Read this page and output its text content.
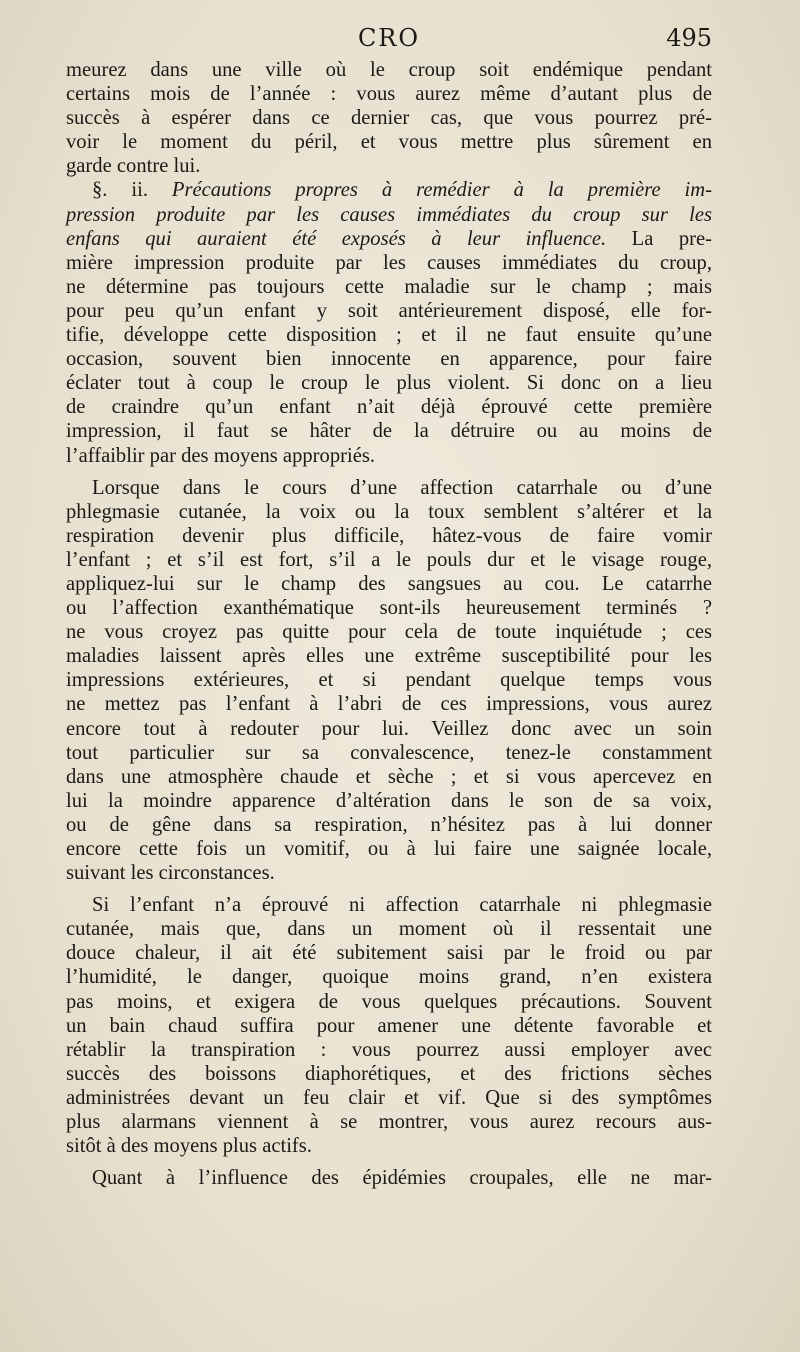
CRO	495
meurez dans une ville où le croup soit endémique pendant
certains mois de l’année : vous aurez même d’autant plus de
succès à espérer dans ce dernier cas, que vous pourrez pré-
voir le moment du péril, et vous mettre plus sûrement en
garde contre lui.
§. ii. Précautions propres à remédier à la première im-
pression produite par les causes immédiates du croup sur les
enfans qui auraient été exposés à leur influence. La pre-
mière impression produite par les causes immédiates du croup,
ne détermine pas toujours cette maladie sur le champ ; mais
pour peu qu’un enfant y soit antérieurement disposé, elle for-
tifie, développe cette disposition ; et il ne faut ensuite qu’une
occasion, souvent bien innocente en apparence, pour faire
éclater tout à coup le croup le plus violent. Si donc on a lieu
de craindre qu’un enfant n’ait déjà éprouvé cette première
impression, il faut se hâter de la détruire ou au moins de
l’affaiblir par des moyens appropriés.
Lorsque dans le cours d’une affection catarrhale ou d’une
phlegmasie cutanée, la voix ou la toux semblent s’altérer et la
respiration devenir plus difficile, hâtez-vous de faire vomir
l’enfant ; et s’il est fort, s’il a le pouls dur et le visage rouge,
appliquez-lui sur le champ des sangsues au cou. Le catarrhe
ou l’affection exanthématique sont-ils heureusement terminés ?
ne vous croyez pas quitte pour cela de toute inquiétude ; ces
maladies laissent après elles une extrême susceptibilité pour les
impressions extérieures, et si pendant quelque temps vous
ne mettez pas l’enfant à l’abri de ces impressions, vous aurez
encore tout à redouter pour lui. Veillez donc avec un soin
tout particulier sur sa convalescence, tenez-le constamment
dans une atmosphère chaude et sèche ; et si vous apercevez en
lui la moindre apparence d’altération dans le son de sa voix,
ou de gêne dans sa respiration, n’hésitez pas à lui donner
encore cette fois un vomitif, ou à lui faire une saignée locale,
suivant les circonstances.
Si l’enfant n’a éprouvé ni affection catarrhale ni phlegmasie
cutanée, mais que, dans un moment où il ressentait une
douce chaleur, il ait été subitement saisi par le froid ou par
l’humidité, le danger, quoique moins grand, n’en existera
pas moins, et exigera de vous quelques précautions. Souvent
un bain chaud suffira pour amener une détente favorable et
rétablir la transpiration : vous pourrez aussi employer avec
succès des boissons diaphorétiques, et des frictions sèches
administrées devant un feu clair et vif. Que si des symptômes
plus alarmans viennent à se montrer, vous aurez recours aus-
sitôt à des moyens plus actifs.
Quant à l’influence des épidémies croupales, elle ne mar-
